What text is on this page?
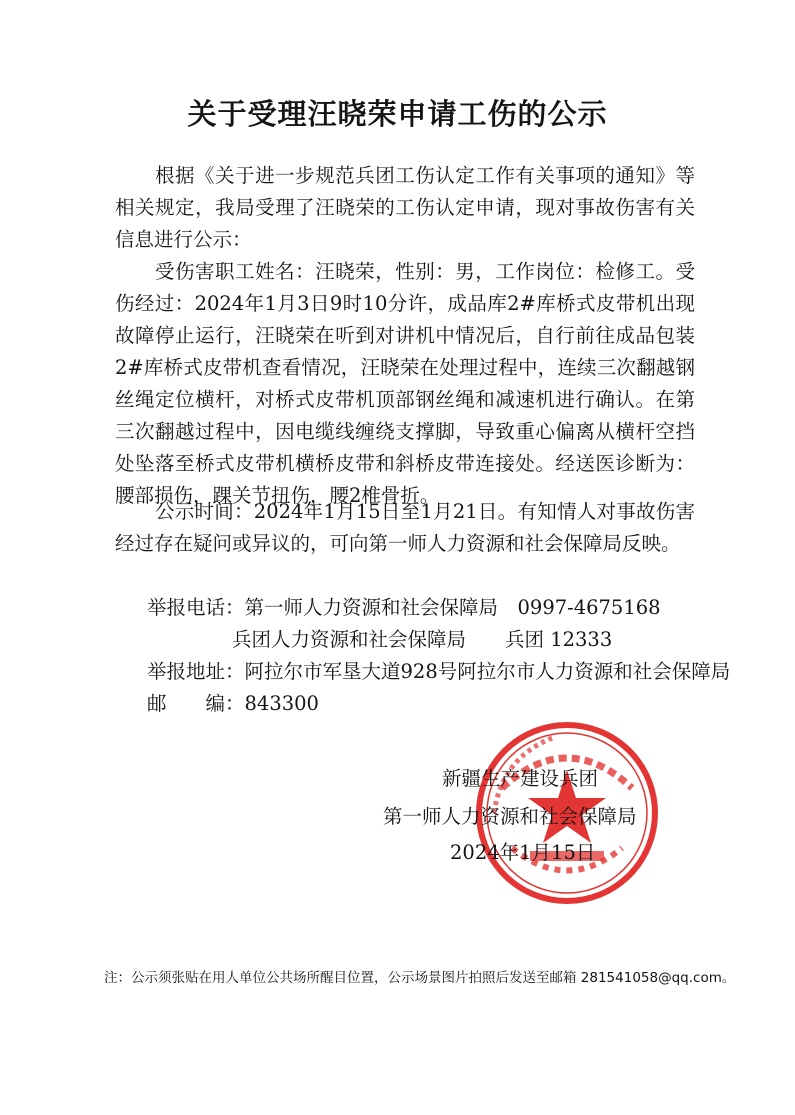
关于受理汪晓荣申请工伤的公示
根据《关于进一步规范兵团工伤认定工作有关事项的通知》等相关规定，我局受理了汪晓荣的工伤认定申请，现对事故伤害有关信息进行公示：
受伤害职工姓名：汪晓荣，性别：男，工作岗位：检修工。受伤经过：2024年1月3日9时10分许，成品库2#库桥式皮带机出现故障停止运行，汪晓荣在听到对讲机中情况后，自行前往成品包装2#库桥式皮带机查看情况，汪晓荣在处理过程中，连续三次翻越钢丝绳定位横杆，对桥式皮带机顶部钢丝绳和减速机进行确认。在第三次翻越过程中，因电缆线缠绕支撑脚，导致重心偏离从横杆空挡处坠落至桥式皮带机横桥皮带和斜桥皮带连接处。经送医诊断为：腰部损伤，踝关节扭伤，腰2椎骨折。
公示时间：2024年1月15日至1月21日。有知情人对事故伤害经过存在疑问或异议的，可向第一师人力资源和社会保障局反映。
举报电话：第一师人力资源和社会保障局　0997-4675168
兵团人力资源和社会保障局　　兵团 12333
举报地址：阿拉尔市军垦大道928号阿拉尔市人力资源和社会保障局
邮　　编：843300
新疆生产建设兵团
第一师人力资源和社会保障局
2024年1月15日
注：公示须张贴在用人单位公共场所醒目位置，公示场景图片拍照后发送至邮箱 281541058@qq.com。
